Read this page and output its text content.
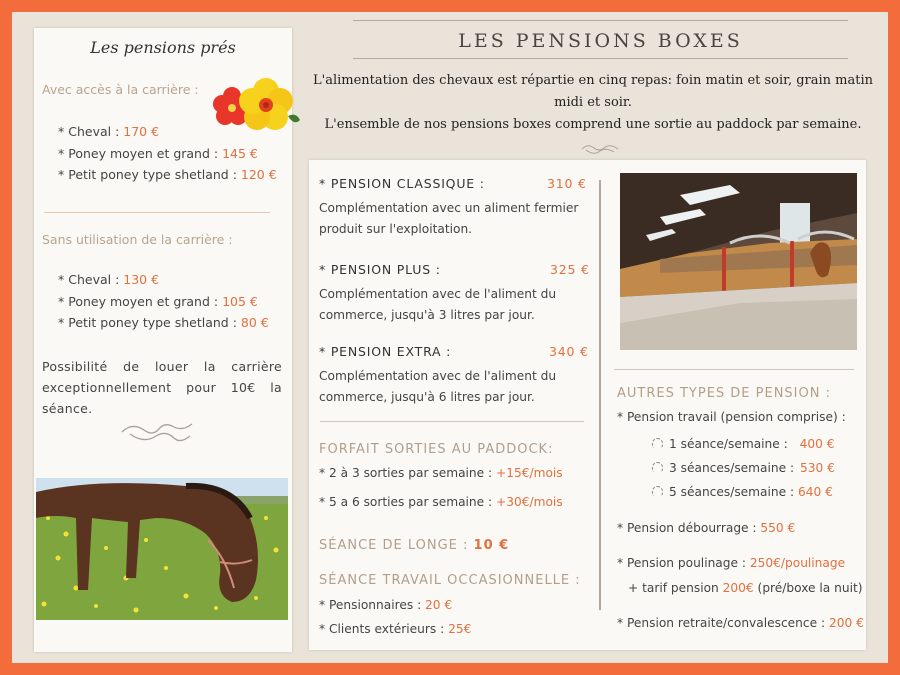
Les pensions prés
Avec accès à la carrière :
* Cheval : 170 €
* Poney moyen et grand : 145 €
* Petit poney type shetland : 120 €
Sans utilisation de la carrière :
* Cheval : 130 €
* Poney moyen et grand : 105 €
* Petit poney type shetland : 80 €
Possibilité de louer la carrière exceptionnellement pour 10€ la séance.
LES PENSIONS BOXES
L'alimentation des chevaux est répartie en cinq repas: foin matin et soir, grain matin midi et soir.
L'ensemble de nos pensions boxes comprend une sortie au paddock par semaine.
* PENSION CLASSIQUE :	310 €
Complémentation avec un aliment fermier produit sur l'exploitation.
* PENSION PLUS :	325 €
Complémentation avec de l'aliment du commerce, jusqu'à 3 litres par jour.
* PENSION EXTRA :	340 €
Complémentation avec de l'aliment du commerce, jusqu'à 6 litres par jour.
FORFAIT SORTIES AU PADDOCK:
* 2 à 3 sorties par semaine : +15€/mois
* 5 a 6 sorties par semaine : +30€/mois
SÉANCE DE LONGE : 10 €
SÉANCE TRAVAIL OCCASIONNELLE :
* Pensionnaires : 20 €
* Clients extérieurs : 25€
AUTRES TYPES DE PENSION :
* Pension travail (pension comprise) :
1 séance/semaine : 400 €
3 séances/semaine : 530 €
5 séances/semaine : 640 €
* Pension débourrage : 550 €
* Pension poulinage : 250€/poulinage
+ tarif pension 200€ (pré/boxe la nuit)
* Pension retraite/convalescence : 200 €
